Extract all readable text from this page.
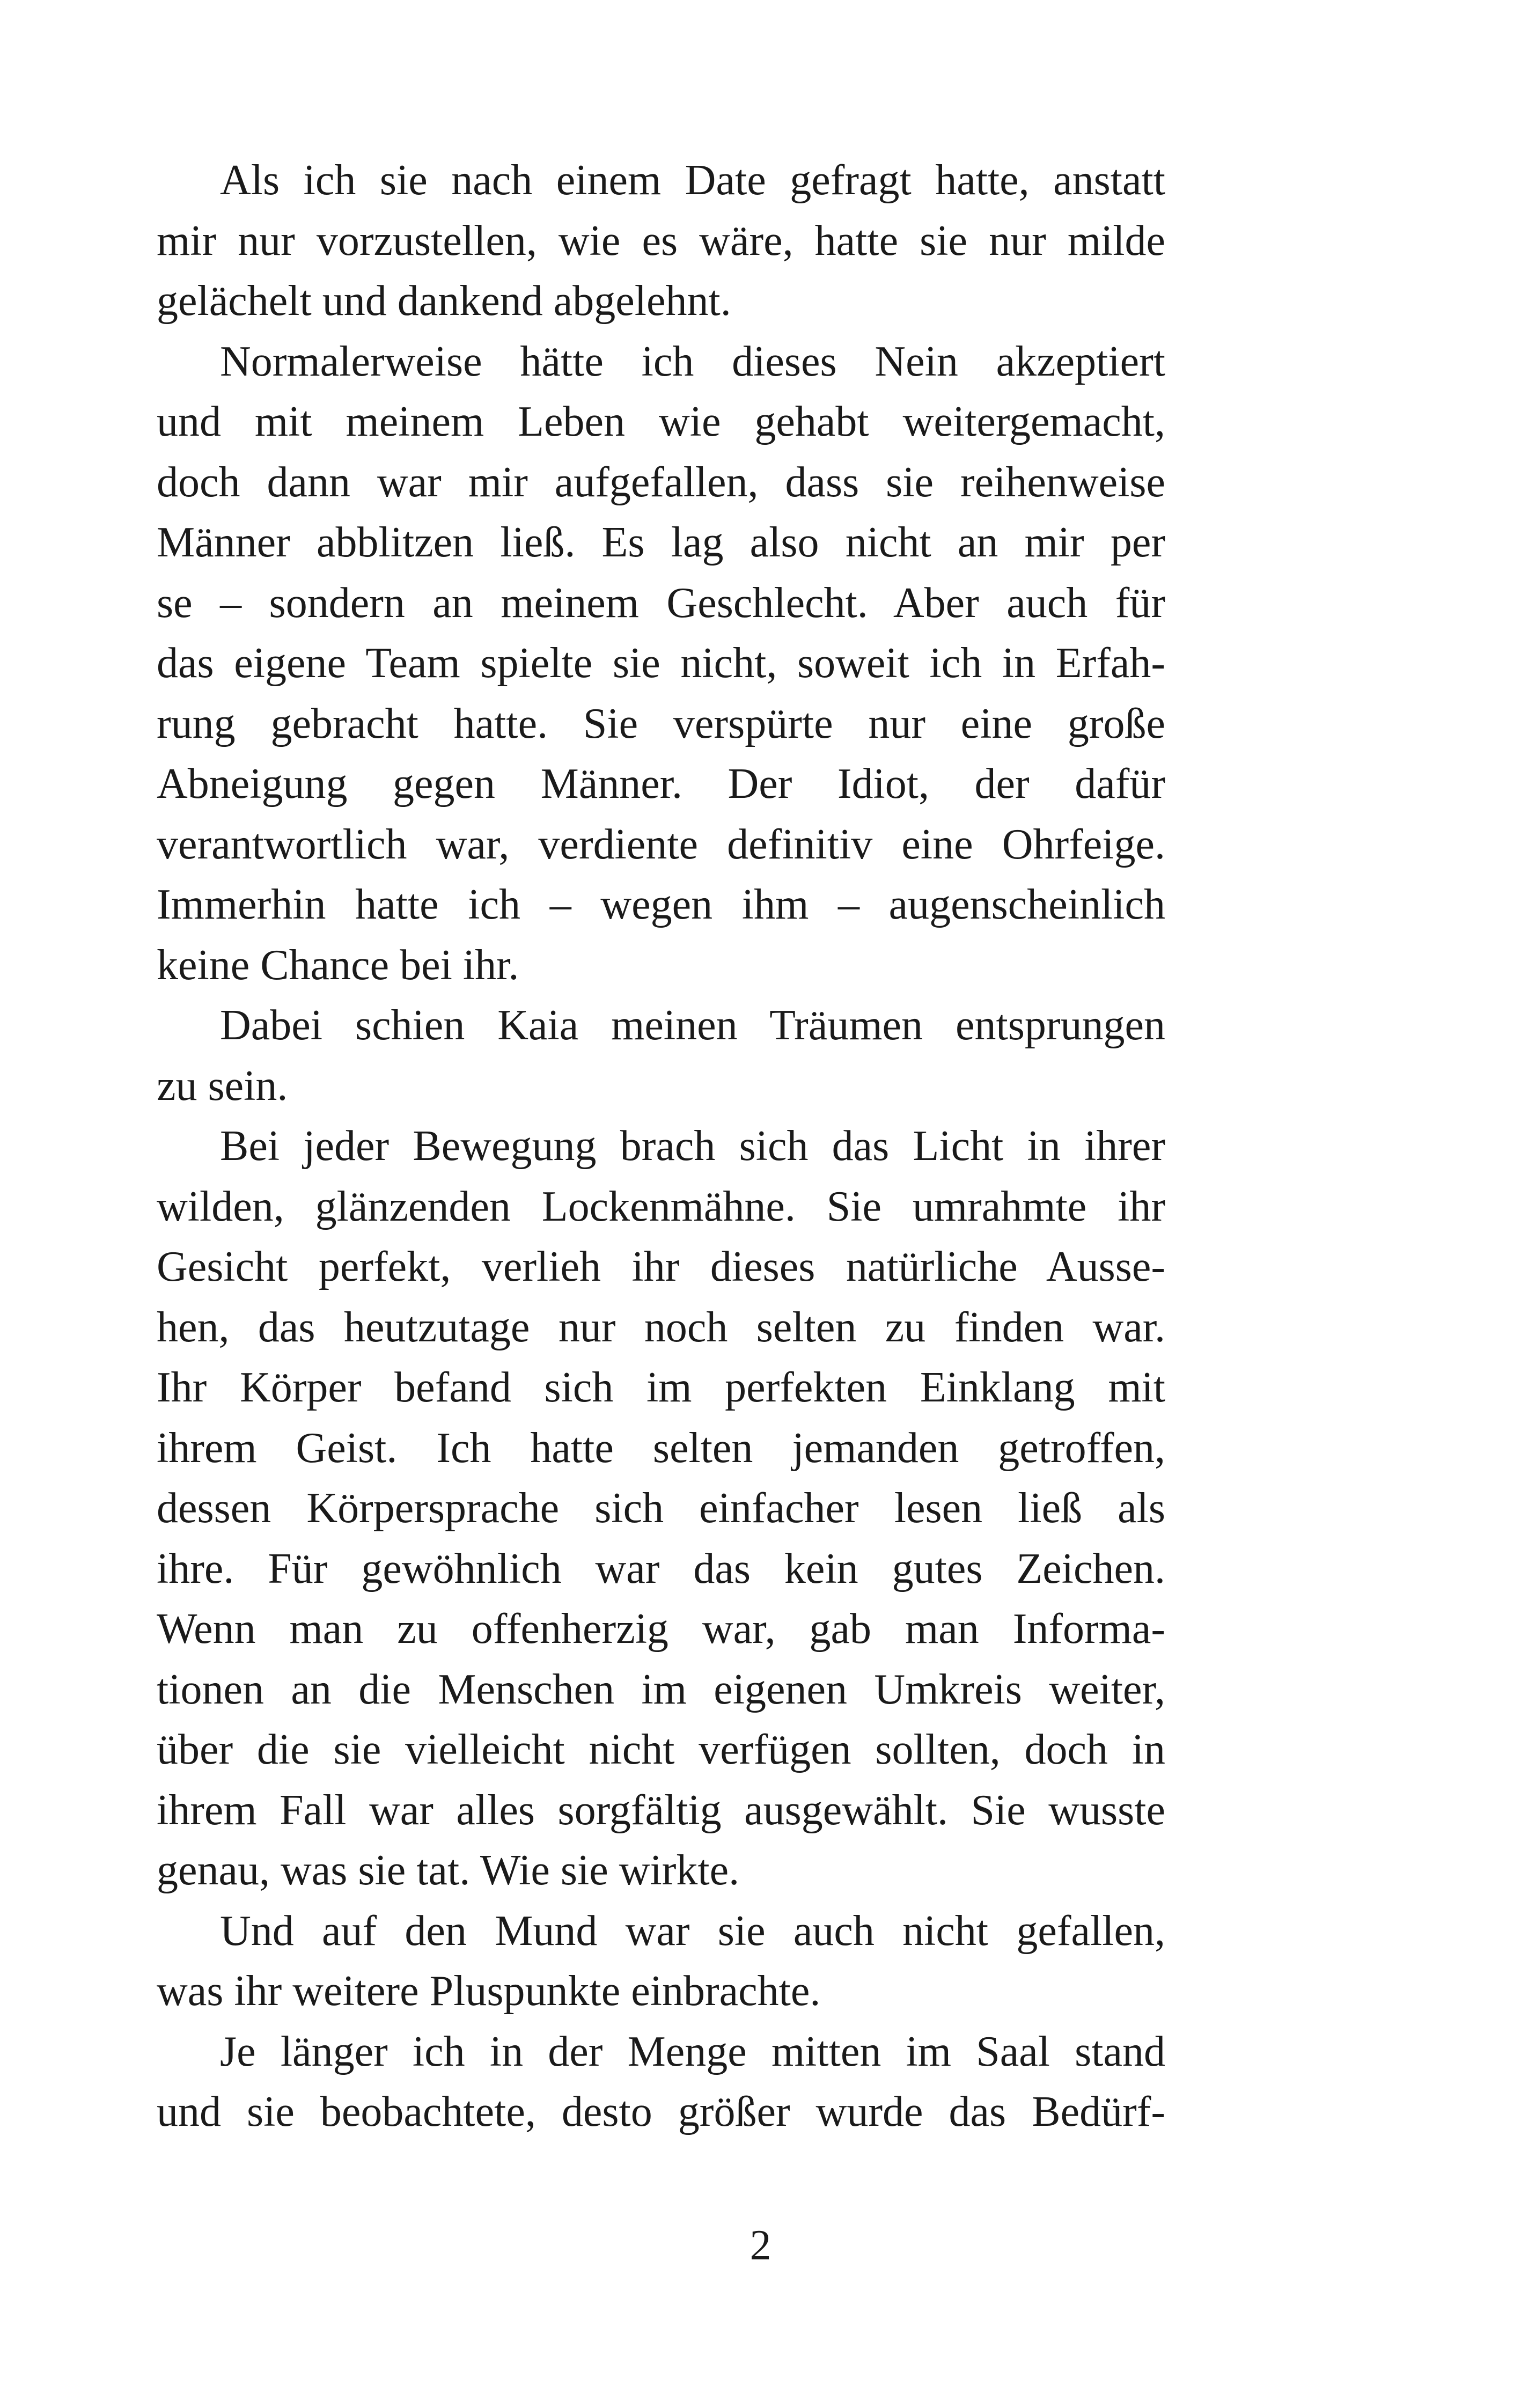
Als ich sie nach einem Date gefragt hatte, anstatt
mir nur vorzustellen, wie es wäre, hatte sie nur milde
gelächelt und dankend abgelehnt.
Normalerweise hätte ich dieses Nein akzeptiert
und mit meinem Leben wie gehabt weitergemacht,
doch dann war mir aufgefallen, dass sie reihenweise
Männer abblitzen ließ. Es lag also nicht an mir per
se – sondern an meinem Geschlecht. Aber auch für
das eigene Team spielte sie nicht, soweit ich in Erfah-
rung gebracht hatte. Sie verspürte nur eine große
Abneigung gegen Männer. Der Idiot, der dafür
verantwortlich war, verdiente definitiv eine Ohrfeige.
Immerhin hatte ich – wegen ihm – augenscheinlich
keine Chance bei ihr.
Dabei schien Kaia meinen Träumen entsprungen
zu sein.
Bei jeder Bewegung brach sich das Licht in ihrer
wilden, glänzenden Lockenmähne. Sie umrahmte ihr
Gesicht perfekt, verlieh ihr dieses natürliche Ausse-
hen, das heutzutage nur noch selten zu finden war.
Ihr Körper befand sich im perfekten Einklang mit
ihrem Geist. Ich hatte selten jemanden getroffen,
dessen Körpersprache sich einfacher lesen ließ als
ihre. Für gewöhnlich war das kein gutes Zeichen.
Wenn man zu offenherzig war, gab man Informa-
tionen an die Menschen im eigenen Umkreis weiter,
über die sie vielleicht nicht verfügen sollten, doch in
ihrem Fall war alles sorgfältig ausgewählt. Sie wusste
genau, was sie tat. Wie sie wirkte.
Und auf den Mund war sie auch nicht gefallen,
was ihr weitere Pluspunkte einbrachte.
Je länger ich in der Menge mitten im Saal stand
und sie beobachtete, desto größer wurde das Bedürf-
2
